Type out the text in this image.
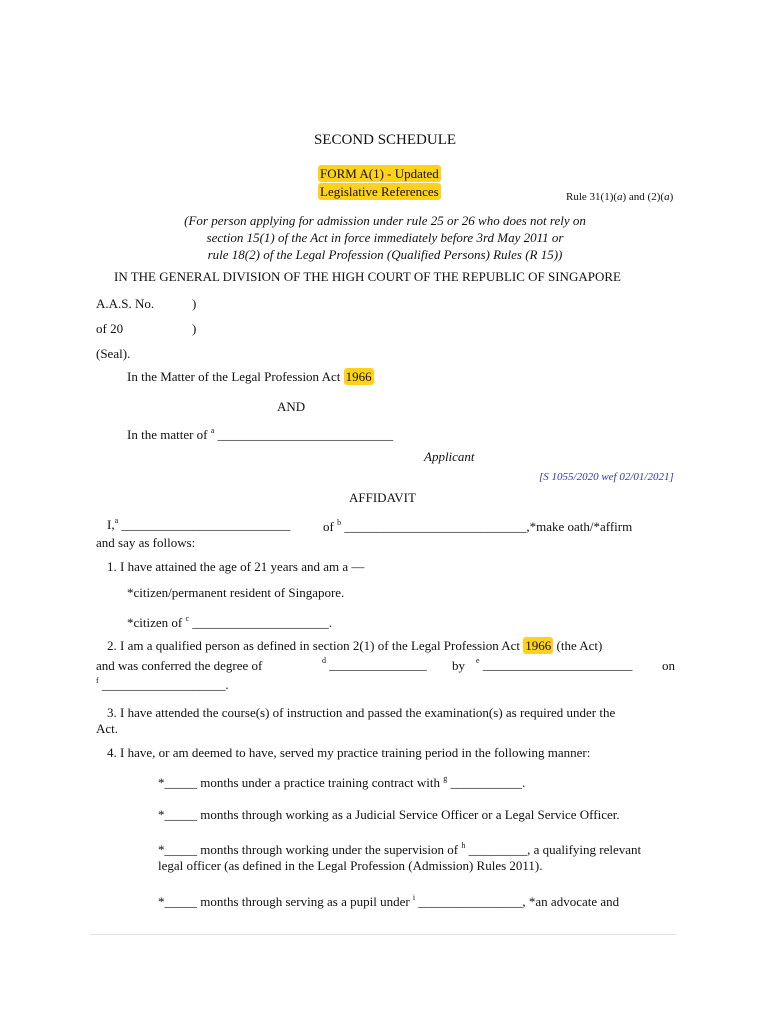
SECOND SCHEDULE
FORM A(1) - Updated
Legislative References	Rule 31(1)(a) and (2)(a)
(For person applying for admission under rule 25 or 26 who does not rely on
section 15(1) of the Act in force immediately before 3rd May 2011 or
rule 18(2) of the Legal Profession (Qualified Persons) Rules (R 15))
IN THE GENERAL DIVISION OF THE HIGH COURT OF THE REPUBLIC OF SINGAPORE
A.A.S. No.	)
of 20	)
(Seal).
In the Matter of the Legal Profession Act 1966
AND
In the matter of $^a$ ___________________________
Applicant
[S 1055/2020 wef 02/01/2021]
AFFIDAVIT
I,$^a$ __________________________	of $^b$ ____________________________,*make oath/*affirm
and say as follows:
1. I have attained the age of 21 years and am a —
*citizen/permanent resident of Singapore.
*citizen of $^c$ _____________________.
2. I am a qualified person as defined in section 2(1) of the Legal Profession Act 1966 (the Act)
and was conferred the degree of	$^d$ _______________ by $^e$ _______________________ on
$^f$ ___________________.
3. I have attended the course(s) of instruction and passed the examination(s) as required under the
Act.
4. I have, or am deemed to have, served my practice training period in the following manner:
*_____ months under a practice training contract with $^g$ ___________.
*_____ months through working as a Judicial Service Officer or a Legal Service Officer.
*_____ months through working under the supervision of $^h$ _________, a qualifying relevant
legal officer (as defined in the Legal Profession (Admission) Rules 2011).
*_____ months through serving as a pupil under $^i$ ________________, *an advocate and
